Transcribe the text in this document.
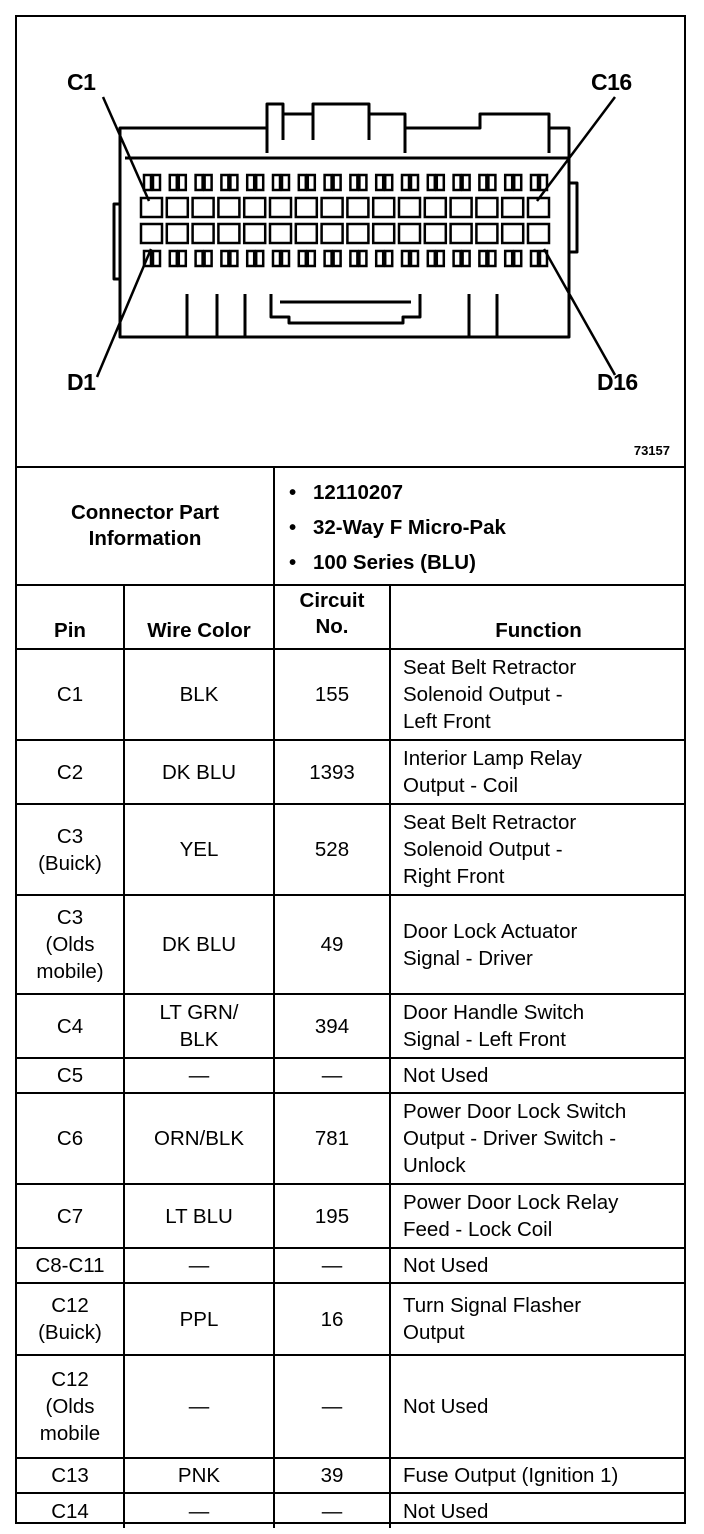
C1	C16
D1	D16
73157
Connector Part Information		• 12110207
• 32-Way F Micro-Pak
• 100 Series (BLU)

Pin	Wire Color	Circuit No.	Function

C1	BLK	155	Seat Belt Retractor
Solenoid Output -
Left Front

C2	DK BLU	1393	Interior Lamp Relay
Output - Coil

C3
(Buick)	YEL	528	Seat Belt Retractor
Solenoid Output -
Right Front

C3
(Olds
mobile)	DK BLU	49	Door Lock Actuator
Signal - Driver

C4	LT GRN/
BLK	394	Door Handle Switch
Signal - Left Front

C5	—	—	Not Used

C6	ORN/BLK	781	Power Door Lock Switch
Output - Driver Switch -
Unlock

C7	LT BLU	195	Power Door Lock Relay
Feed - Lock Coil

C8-C11	—	—	Not Used

C12
(Buick)	PPL	16	Turn Signal Flasher
Output

C12
(Olds
mobile	—	—	Not Used

C13	PNK	39	Fuse Output (Ignition 1)

C14	—	—	Not Used
